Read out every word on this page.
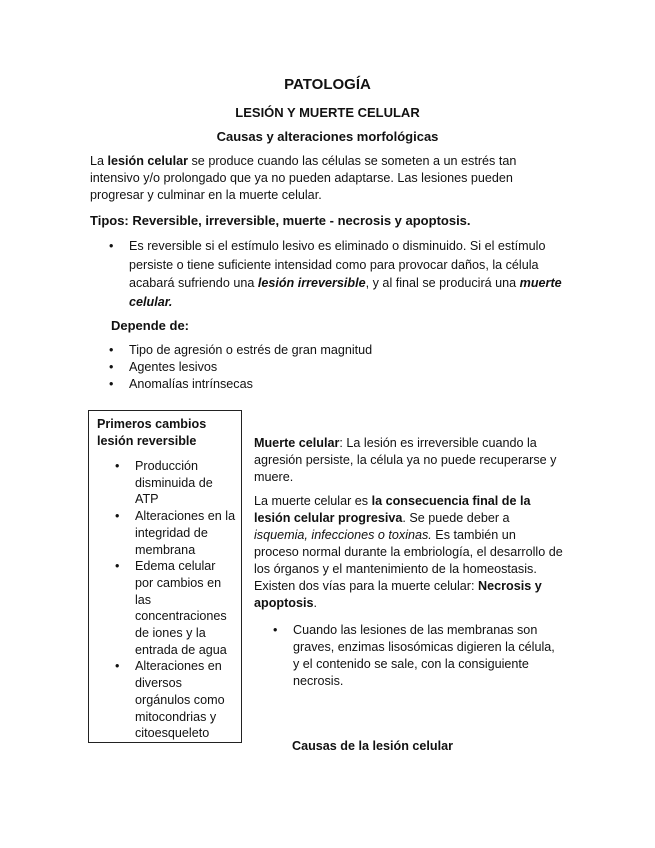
PATOLOGÍA
LESIÓN Y MUERTE CELULAR
Causas y alteraciones morfológicas
La lesión celular se produce cuando las células se someten a un estrés tan intensivo y/o prolongado que ya no pueden adaptarse. Las lesiones pueden progresar y culminar en la muerte celular.
Tipos: Reversible, irreversible, muerte - necrosis y apoptosis.
• Es reversible si el estímulo lesivo es eliminado o disminuido. Si el estímulo persiste o tiene suficiente intensidad como para provocar daños, la célula acabará sufriendo una lesión irreversible, y al final se producirá una muerte celular.
Depende de:
• Tipo de agresión o estrés de gran magnitud
• Agentes lesivos
• Anomalías intrínsecas
Primeros cambios lesión reversible
• Producción disminuida de ATP
• Alteraciones en la integridad de membrana
• Edema celular por cambios en las concentraciones de iones y la entrada de agua
• Alteraciones en diversos orgánulos como mitocondrias y citoesqueleto
Muerte celular: La lesión es irreversible cuando la agresión persiste, la célula ya no puede recuperarse y muere.
La muerte celular es la consecuencia final de la lesión celular progresiva. Se puede deber a isquemia, infecciones o toxinas. Es también un proceso normal durante la embriología, el desarrollo de los órganos y el mantenimiento de la homeostasis. Existen dos vías para la muerte celular: Necrosis y apoptosis.
• Cuando las lesiones de las membranas son graves, enzimas lisosómicas digieren la célula, y el contenido se sale, con la consiguiente necrosis.
Causas de la lesión celular
